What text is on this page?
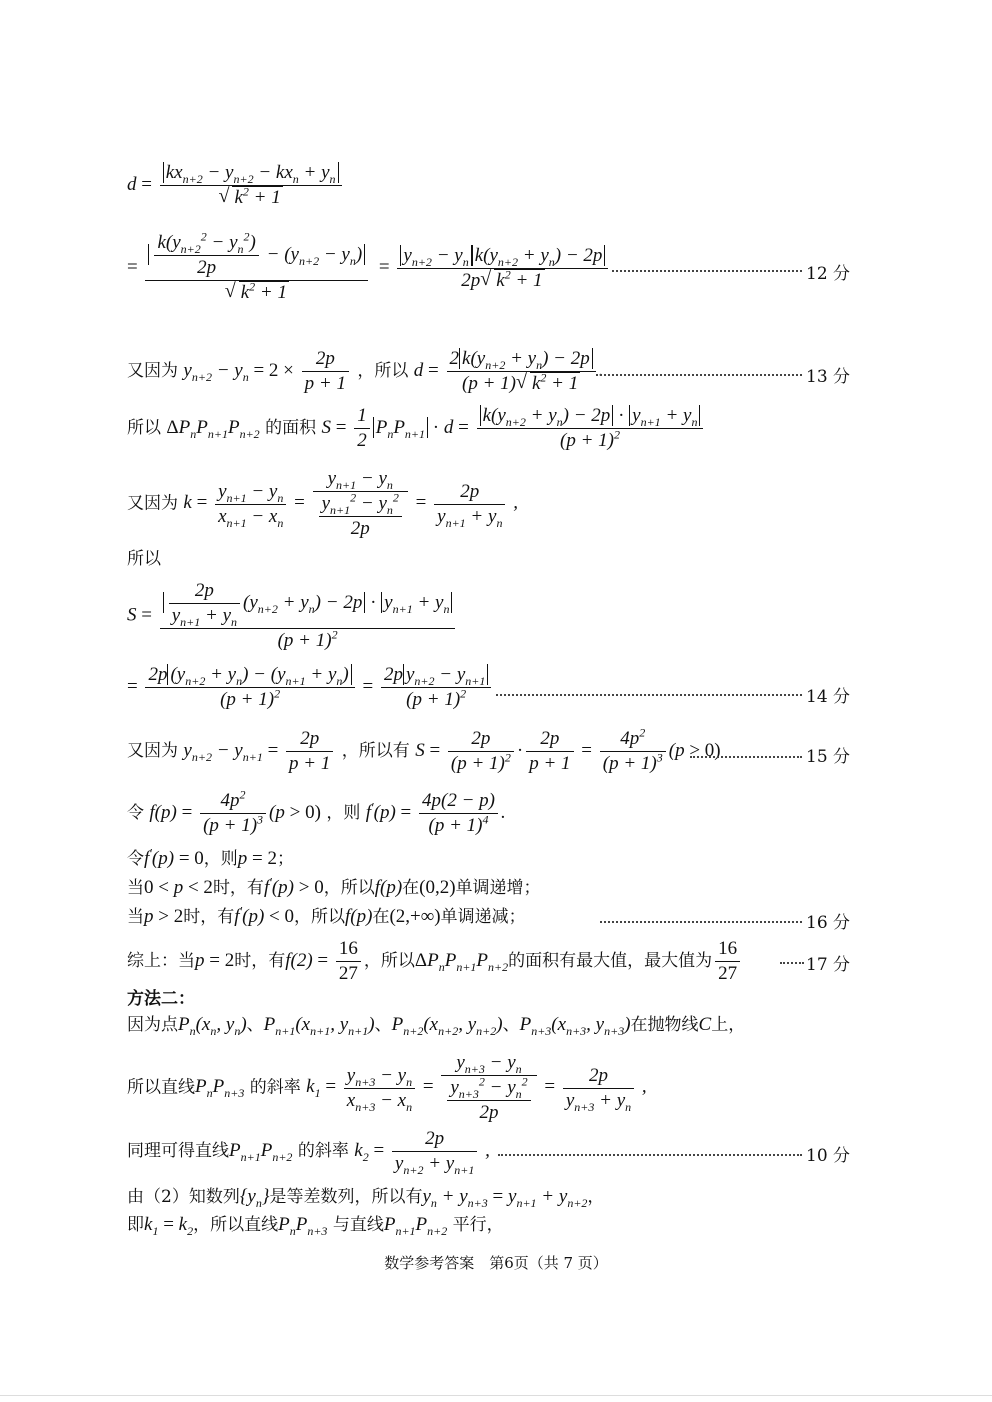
$d = kx_{n+2} - y_{n+2} - kx_n + y_n$
√ $k^2 + 1$
= $\frac{k(y_{n+2}^2 - y_n^2)}{2p} - (y_{n+2} - y_n)$
√ $k^2 + 1 = \frac{y_{n+2} - y_n k(y_{n+2} + y_n) - 2p}{2p √ k^2 + 1}$	12 分
又因为 $y_{n+2} - y_n = 2 \times \frac{2p}{p + 1}$ ，所以 $d = \frac{2 k(y_{n+2} + y_n) - 2p}{(p + 1) √ k^2 + 1}$ .	13 分
所以 $\Delta P_nP_{n+1}P_{n+2}$ 的面积 $S = \frac{1}{2} P_nP_{n+1} \cdot d = \frac{k(y_{n+2} + y_n) - 2p \cdot y_{n+1} + y_n}{(p + 1)^2}$
又因为 $k = \frac{y_{n+1} - y_n}{x_{n+1} - x_n} = \frac{y_{n+1} - y_n}{\frac{y_{n+1}^2 - y_n^2}{2p}} = \frac{2p}{y_{n+1} + y_n}$ ,
所以
$S = \frac{\frac{2p}{y_{n+1} + y_n} (y_{n+2} + y_n) - 2p \cdot y_{n+1} + y_n}{(p + 1)^2}$
= $\frac{2p (y_{n+2} + y_n) - (y_{n+1} + y_n)}{(p + 1)^2} = \frac{2p y_{n+2} - y_{n+1}}{(p + 1)^2}$	14 分
又因为 $y_{n+2} - y_{n+1} = \frac{2p}{p + 1}$ ，所以有 $S = \frac{2p}{(p + 1)^2} \cdot \frac{2p}{p + 1} = \frac{4p^2}{(p + 1)^3} (p > 0)$	15 分
令 $f(p) = \frac{4p^2}{(p + 1)^3} (p > 0)$ ，则 $f'(p) = \frac{4p(2 - p)}{(p + 1)^4}$ .
令f′(p) = 0，则p = 2；
当0 < p < 2时，有f′(p) > 0，所以f(p)在(0,2)单调递增；
当p > 2时，有f′(p) < 0，所以f(p)在(2,+∞)单调递减；	16 分
综上：当p = 2时，有$f(2) = \frac{16}{27}$ ，所以$\Delta P_nP_{n+1}P_{n+2}$的面积有最大值，最大值为 $\frac{16}{27}$	17 分
方法二：
因为点$P_n(x_n$, $y_n$)、$P_{n+1}(x_{n+1}$, $y_{n+1}$)、$P_{n+2}(x_{n+2}$, $y_{n+2}$)、$P_{n+3}(x_{n+3}$, $y_{n+3}$)在抛物线C上，
所以直线$P_nP_{n+3}$ 的斜率 $k_1 = \frac{y_{n+3} - y_n}{x_{n+3} - x_n} = \frac{y_{n+3} - y_n}{\frac{y_{n+3}^2 - y_n^2}{2p}} = \frac{2p}{y_{n+3} + y_n}$ ,
同理可得直线$P_{n+1}P_{n+2}$ 的斜率 $k_2 = \frac{2p}{y_{n+2} + y_{n+1}}$ ,	10 分
由（2）知数列$\{y_n\}$是等差数列，所以有$y_n + y_{n+3} = y_{n+1} + y_{n+2}$，
即$k_1 = k_2$，所以直线$P_nP_{n+3}$ 与直线$P_{n+1}P_{n+2}$ 平行，
数学参考答案　第6页（共 7 页）
